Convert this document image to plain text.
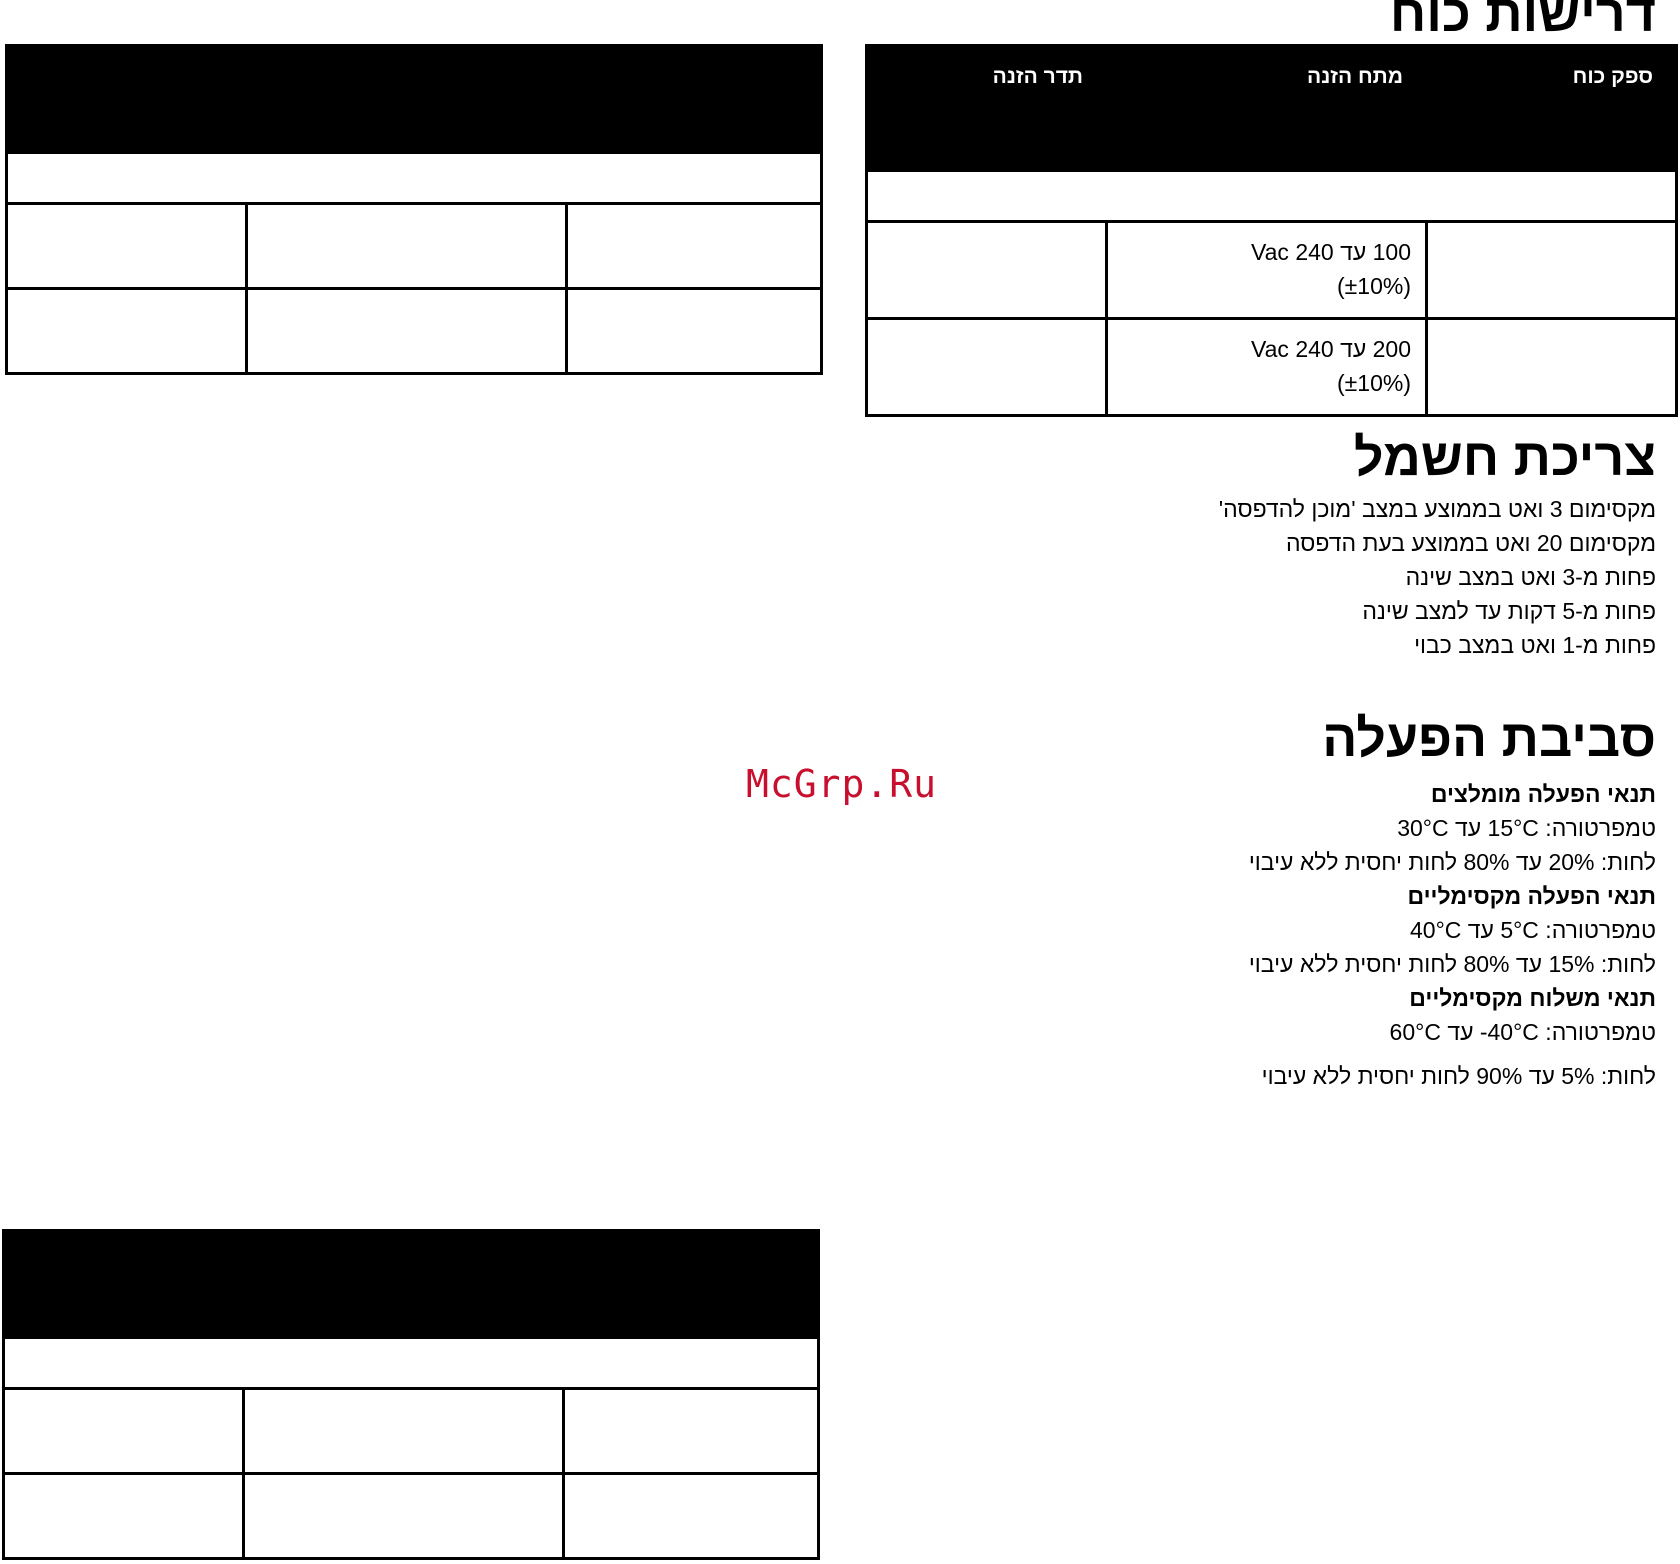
דרישות כוח

תדר הזנה	מתח הזנה	ספק כוח

	100 עד 240 Vac
(±10%)	

	200 עד 240 Vac
(±10%)	

צריכת חשמל
מקסימום 3 ואט בממוצע במצב 'מוכן להדפסה'
מקסימום 20 ואט בממוצע בעת הדפסה
פחות מ-3 ואט במצב שינה
פחות מ-5 דקות עד למצב שינה
פחות מ-1 ואט במצב כבוי
סביבת הפעלה
תנאי הפעלה מומלצים
טמפרטורה: 15°C עד 30°C
לחות: 20% עד 80% לחות יחסית ללא עיבוי
תנאי הפעלה מקסימליים
טמפרטורה: 5°C עד 40°C
לחות: 15% עד 80% לחות יחסית ללא עיבוי
תנאי משלוח מקסימליים
טמפרטורה: ‎-40°C עד 60°C
לחות: 5% עד 90% לחות יחסית ללא עיבוי
McGrp.Ru
